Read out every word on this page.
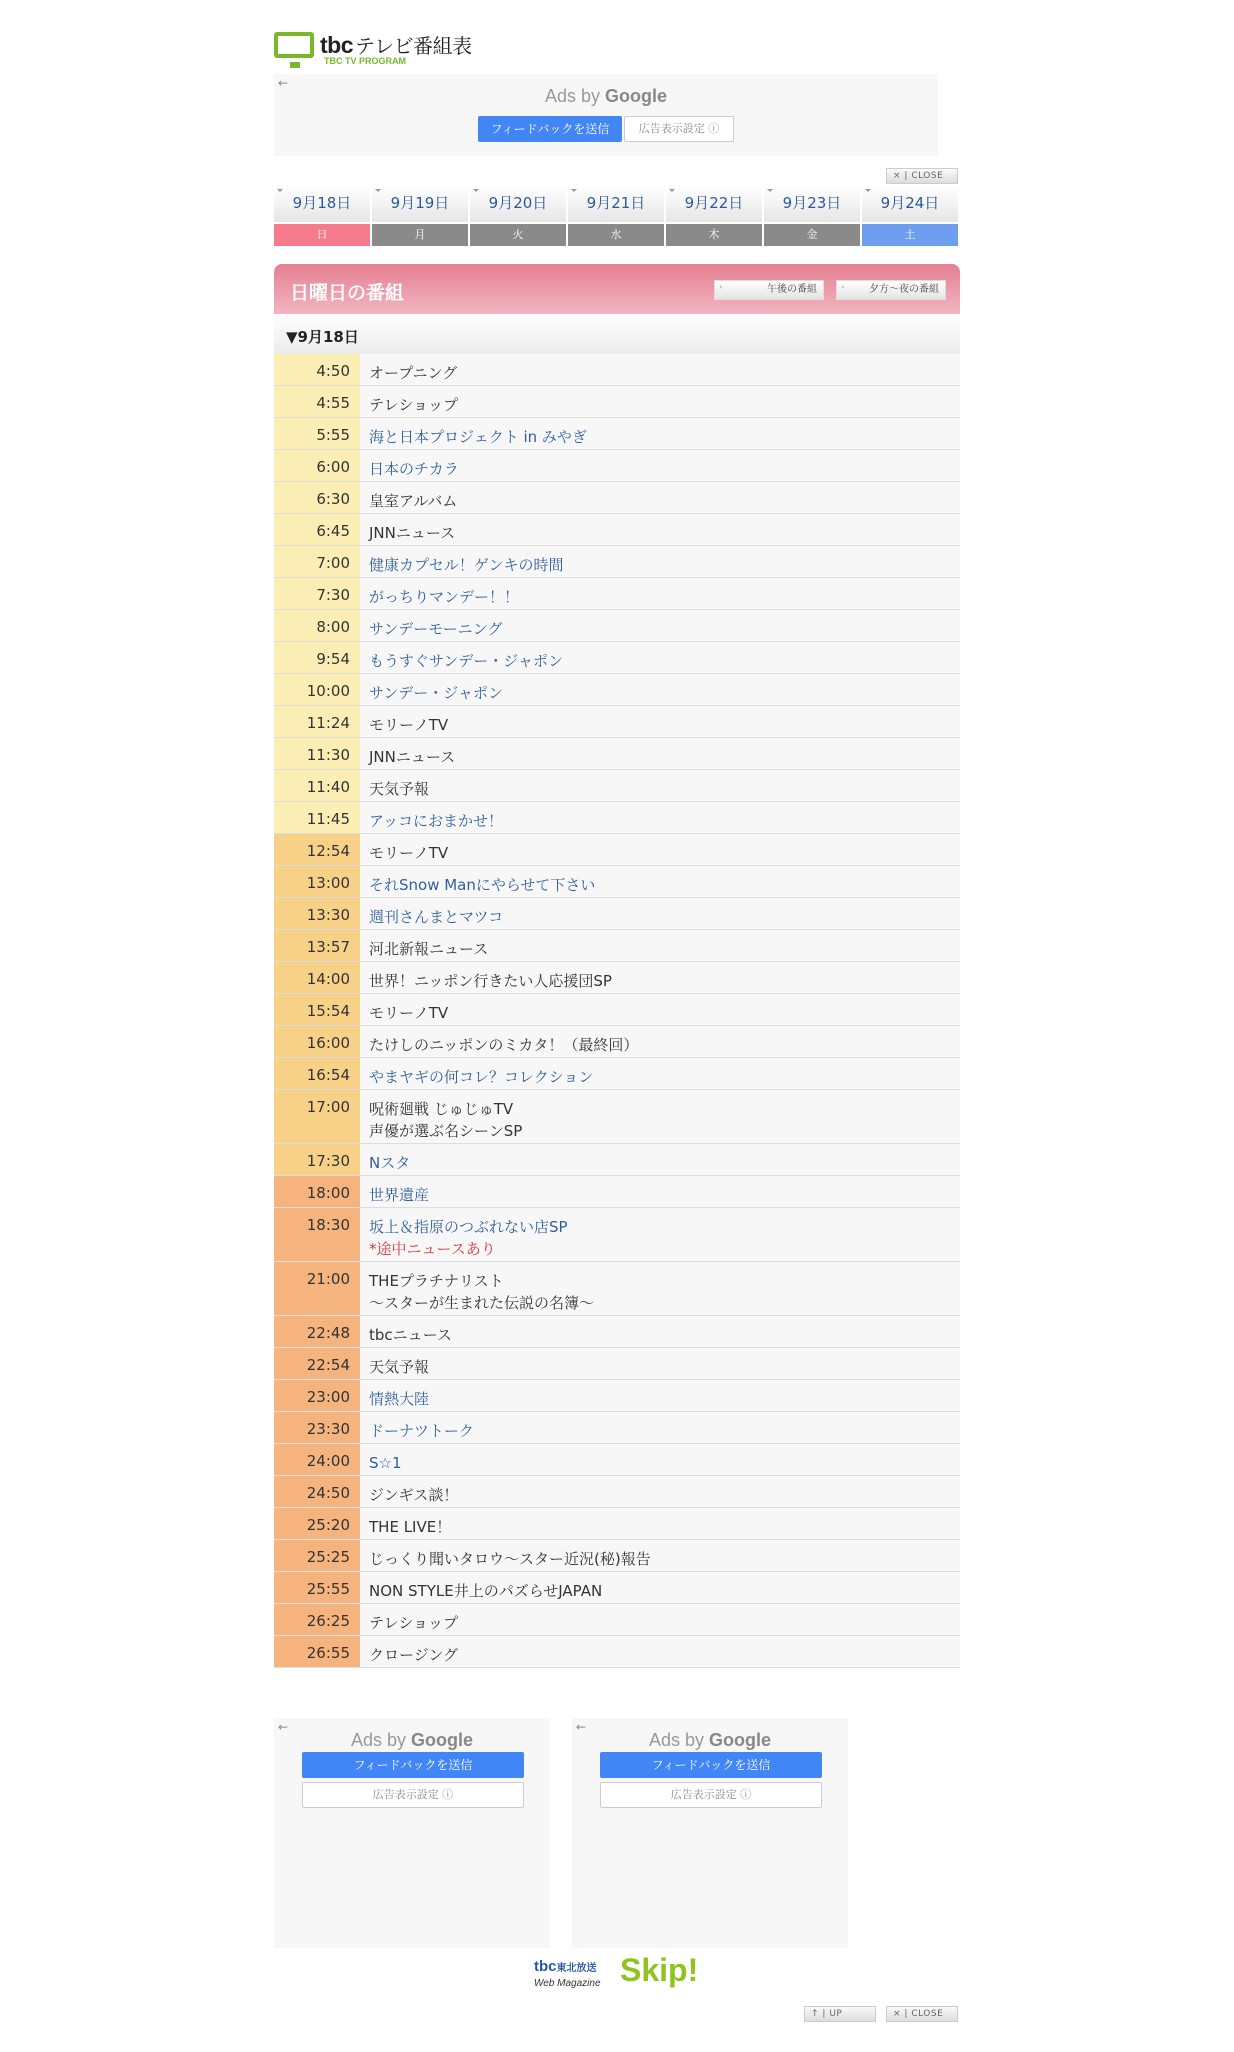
tbc テレビ番組表
TBC TV PROGRAM
←
Ads by Google
フィードバックを送信	広告表示設定 ⓘ
× | CLOSE
9月18日
日
9月19日
月
9月20日
火
9月21日
水
9月22日
木
9月23日
金
9月24日
土
日曜日の番組	午後の番組	夕方～夜の番組
▼9月18日
4:50	オープニング
4:55	テレショップ
5:55	海と日本プロジェクト in みやぎ
6:00	日本のチカラ
6:30	皇室アルバム
6:45	JNNニュース
7:00	健康カプセル！ゲンキの時間
7:30	がっちりマンデー！！
8:00	サンデーモーニング
9:54	もうすぐサンデー・ジャポン
10:00	サンデー・ジャポン
11:24	モリーノTV
11:30	JNNニュース
11:40	天気予報
11:45	アッコにおまかせ！
12:54	モリーノTV
13:00	それSnow Manにやらせて下さい
13:30	週刊さんまとマツコ
13:57	河北新報ニュース
14:00	世界！ニッポン行きたい人応援団SP
15:54	モリーノTV
16:00	たけしのニッポンのミカタ！（最終回）
16:54	やまヤギの何コレ？コレクション
17:00	呪術廻戦 じゅじゅTV
声優が選ぶ名シーンSP
17:30	Nスタ
18:00	世界遺産
18:30	坂上＆指原のつぶれない店SP
*途中ニュースあり
21:00	THEプラチナリスト
～スターが生まれた伝説の名簿～
22:48	tbcニュース
22:54	天気予報
23:00	情熱大陸
23:30	ドーナツトーク
24:00	S☆1
24:50	ジンギス談！
25:20	THE LIVE！
25:25	じっくり聞いタロウ～スター近況(秘)報告
25:55	NON STYLE井上のパズらせJAPAN
26:25	テレショップ
26:55	クロージング
←
Ads by Google
フィードバックを送信
広告表示設定 ⓘ
←
Ads by Google
フィードバックを送信
広告表示設定 ⓘ
tbc東北放送
Web Magazine Skip!
↑ | UP	× | CLOSE
